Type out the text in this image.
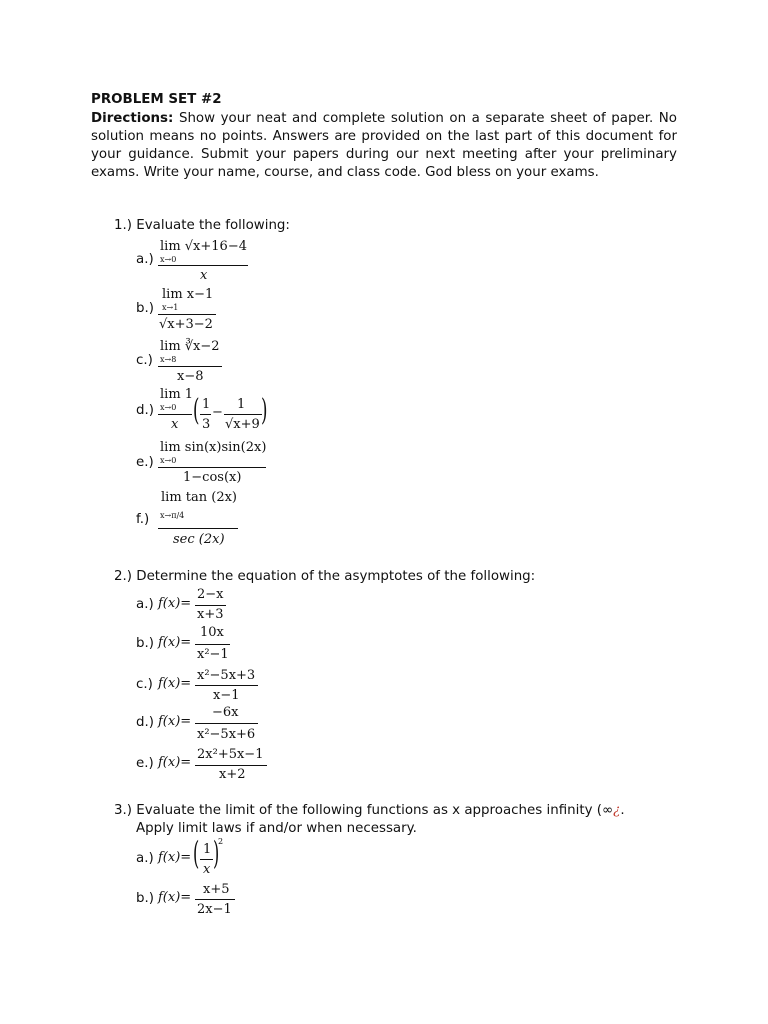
PROBLEM SET #2
Directions: Show your neat and complete solution on a separate sheet of paper. No solution means no points. Answers are provided on the last part of this document for your guidance. Submit your papers during our next meeting after your preliminary exams. Write your name, course, and class code. God bless on your exams.
1.) Evaluate the following:
a.)
lim √x+16−4
x→0
x
b.)
lim x−1
x→1
√x+3−2
c.)
lim ∛x−2
x→8
x−8
d.)
lim 1
x→0
x ( 1
3
−
1
√x+9 )
e.)
lim sin(x)sin(2x)
x→0
1−cos(x)
f.)
lim tan (2x)
x→π/4
sec (2x)
2.) Determine the equation of the asymptotes of the following:
a.) f(x)=
2−x
x+3
b.) f(x)=
10x
x²−1
c.) f(x)=
x²−5x+3
x−1
d.) f(x)=
−6x
x²−5x+6
e.) f(x)=
2x²+5x−1
x+2
3.) Evaluate the limit of the following functions as x approaches infinity (∞¿.
Apply limit laws if and/or when necessary.
a.) f(x)= ( 1
x )
2
b.) f(x)=
x+5
2x−1
